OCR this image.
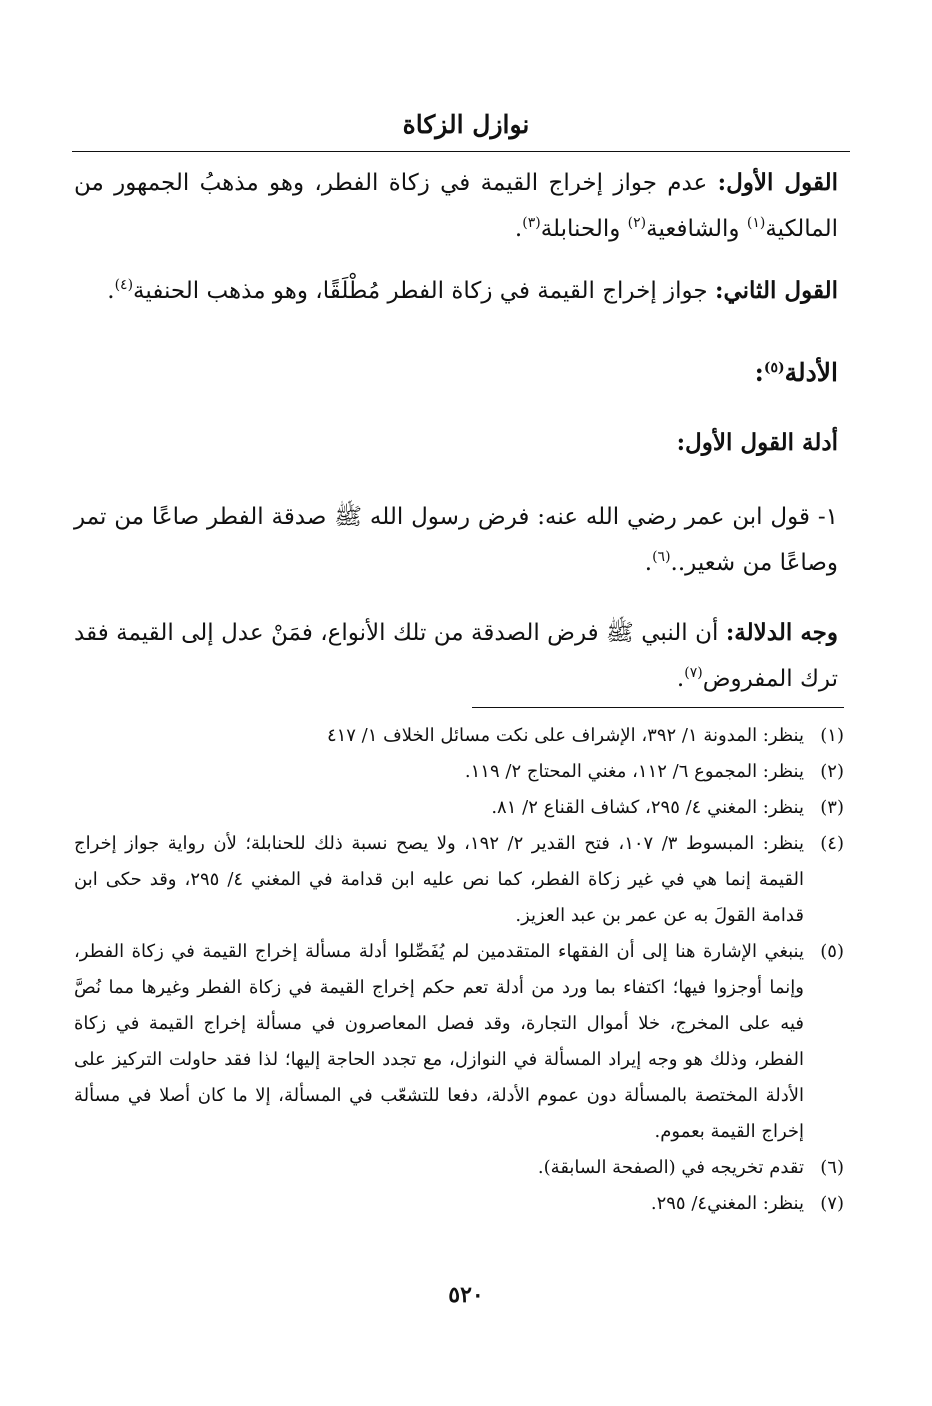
نوازل الزكاة

القول الأول: عدم جواز إخراج القيمة في زكاة الفطر، وهو مذهبُ الجمهور من المالكية$^{(١)}$ والشافعية$^{(٢)}$ والحنابلة$^{(٣)}$.

القول الثاني: جواز إخراج القيمة في زكاة الفطر مُطْلَقًا، وهو مذهب الحنفية$^{(٤)}$.

الأدلة$^{(٥)}$:

أدلة القول الأول:

١- قول ابن عمر رضي الله عنه: فرض رسول الله ﷺ صدقة الفطر صاعًا من تمر وصاعًا من شعير..$^{(٦)}$.

وجه الدلالة: أن النبي ﷺ فرض الصدقة من تلك الأنواع، فمَنْ عدل إلى القيمة فقد ترك المفروض$^{(٧)}$.

(١)
ينظر: المدونة ١/ ٣٩٢، الإشراف على نكت مسائل الخلاف ١/ ٤١٧
(٢)
ينظر: المجموع ٦/ ١١٢، مغني المحتاج ٢/ ١١٩.
(٣)
ينظر: المغني ٤/ ٢٩٥، كشاف القناع ٢/ ٨١.
(٤)
ينظر: المبسوط ٣/ ١٠٧، فتح القدير ٢/ ١٩٢، ولا يصح نسبة ذلك للحنابلة؛ لأن رواية جواز إخراج القيمة إنما هي في غير زكاة الفطر، كما نص عليه ابن قدامة في المغني ٤/ ٢٩٥، وقد حكى ابن قدامة القولَ به عن عمر بن عبد العزيز.
(٥)
ينبغي الإشارة هنا إلى أن الفقهاء المتقدمين لم يُفَصِّلوا أدلة مسألة إخراج القيمة في زكاة الفطر، وإنما أوجزوا فيها؛ اكتفاء بما ورد من أدلة تعم حكم إخراج القيمة في زكاة الفطر وغيرها مما نُصَّ فيه على المخرج، خلا أموال التجارة، وقد فصل المعاصرون في مسألة إخراج القيمة في زكاة الفطر، وذلك هو وجه إيراد المسألة في النوازل، مع تجدد الحاجة إليها؛ لذا فقد حاولت التركيز على الأدلة المختصة بالمسألة دون عموم الأدلة، دفعا للتشعّب في المسألة، إلا ما كان أصلا في مسألة إخراج القيمة بعموم.
(٦)
تقدم تخريجه في (الصفحة السابقة).
(٧)
ينظر: المغني٤/ ٢٩٥.
٥٢٠
